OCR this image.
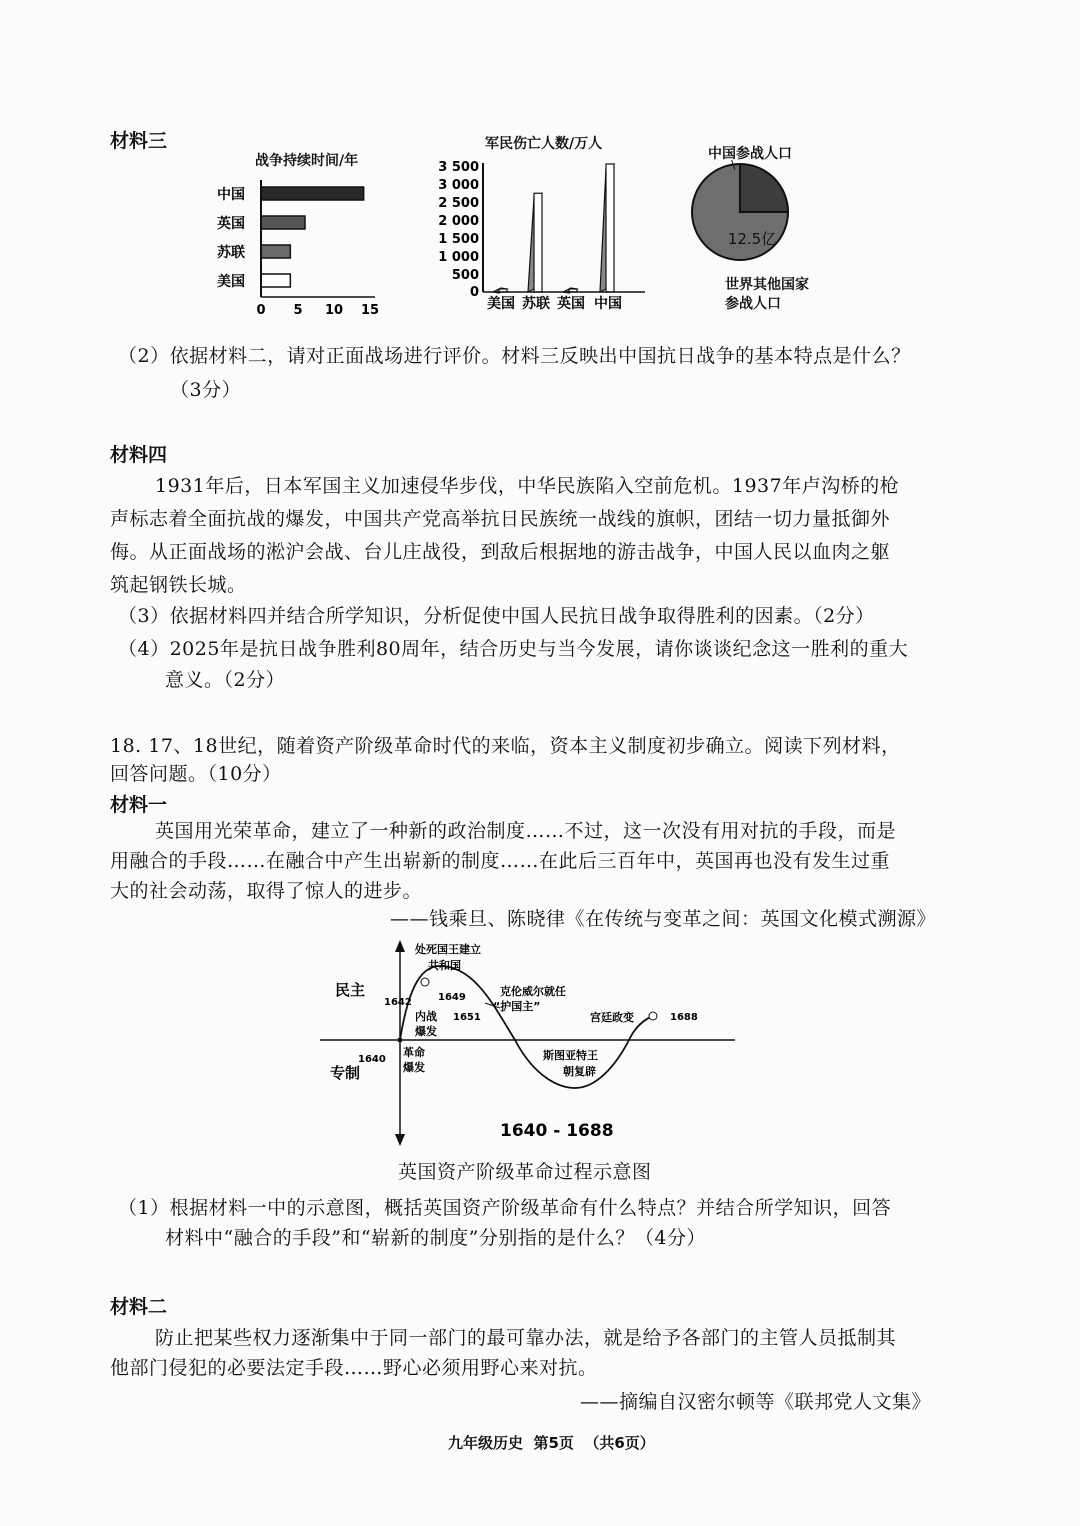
材料三
战争持续时间/年
中国
英国
苏联
美国
0 5 10 15
军民伤亡人数/万人
美国 苏联 英国 中国
0
500
1 000
1 500
2 000
2 500
3 000
3 500
中国参战人口
12.5亿
世界其他国家
参战人口
（2）依据材料二，请对正面战场进行评价。材料三反映出中国抗日战争的基本特点是什么？
（3分）
材料四
1931年后，日本军国主义加速侵华步伐，中华民族陷入空前危机。1937年卢沟桥的枪
声标志着全面抗战的爆发，中国共产党高举抗日民族统一战线的旗帜，团结一切力量抵御外
侮。从正面战场的淞沪会战、台儿庄战役，到敌后根据地的游击战争，中国人民以血肉之躯
筑起钢铁长城。
（3）依据材料四并结合所学知识，分析促使中国人民抗日战争取得胜利的因素。（2分）
（4）2025年是抗日战争胜利80周年，结合历史与当今发展，请你谈谈纪念这一胜利的重大
意义。（2分）
18. 17、18世纪，随着资产阶级革命时代的来临，资本主义制度初步确立。阅读下列材料，
回答问题。（10分）
材料一
英国用光荣革命，建立了一种新的政治制度……不过，这一次没有用对抗的手段，而是
用融合的手段……在融合中产生出崭新的制度……在此后三百年中，英国再也没有发生过重
大的社会动荡，取得了惊人的进步。
——钱乘旦、陈晓律《在传统与变革之间：英国文化模式溯源》
民主
专制
处死国王建立
共和国
1642	1649
内战
爆发
1651
克伦威尔就任
“护国主”
宫廷政变	1688
1640
革命
爆发
斯图亚特王
朝复辟
1640 - 1688
英国资产阶级革命过程示意图
（1）根据材料一中的示意图，概括英国资产阶级革命有什么特点？并结合所学知识，回答
材料中“融合的手段”和“崭新的制度”分别指的是什么？（4分）
材料二
防止把某些权力逐渐集中于同一部门的最可靠办法，就是给予各部门的主管人员抵制其
他部门侵犯的必要法定手段……野心必须用野心来对抗。
——摘编自汉密尔顿等《联邦党人文集》
九年级历史  第5页  （共6页）
